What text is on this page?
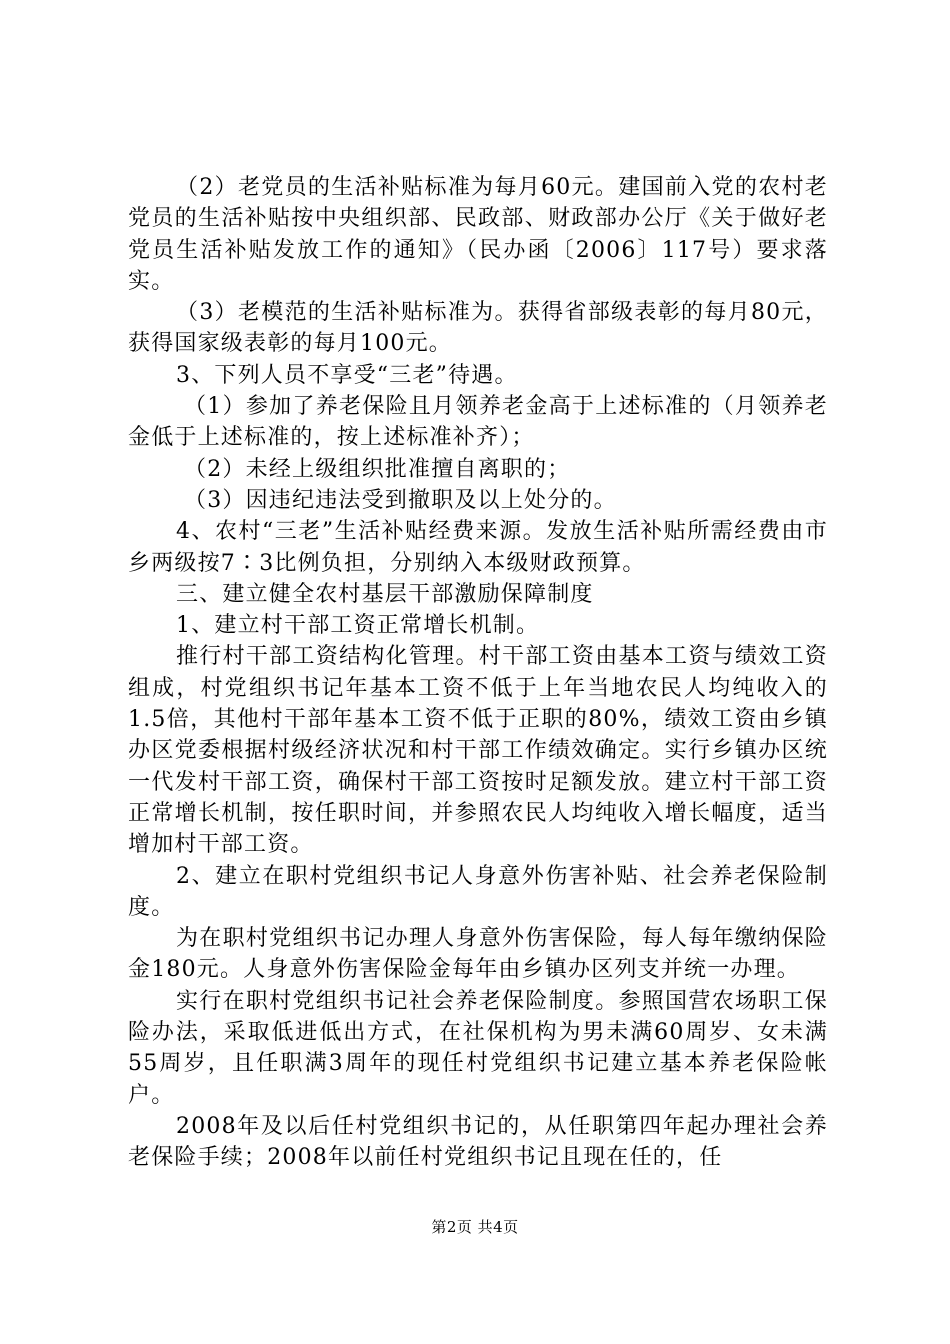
（2）老党员的生活补贴标准为每月60元。建国前入党的农村老党员的生活补贴按中央组织部、民政部、财政部办公厅《关于做好老党员生活补贴发放工作的通知》（民办函〔2006〕117号）要求落实。

（3）老模范的生活补贴标准为。获得省部级表彰的每月80元，获得国家级表彰的每月100元。

3、下列人员不享受“三老”待遇。

（1）参加了养老保险且月领养老金高于上述标准的（月领养老金低于上述标准的，按上述标准补齐）；

（2）未经上级组织批准擅自离职的；

（3）因违纪违法受到撤职及以上处分的。

4、农村“三老”生活补贴经费来源。发放生活补贴所需经费由市乡两级按7∶3比例负担，分别纳入本级财政预算。

三、建立健全农村基层干部激励保障制度

1、建立村干部工资正常增长机制。

推行村干部工资结构化管理。村干部工资由基本工资与绩效工资组成，村党组织书记年基本工资不低于上年当地农民人均纯收入的1.5倍，其他村干部年基本工资不低于正职的80%，绩效工资由乡镇办区党委根据村级经济状况和村干部工作绩效确定。实行乡镇办区统一代发村干部工资，确保村干部工资按时足额发放。建立村干部工资正常增长机制，按任职时间，并参照农民人均纯收入增长幅度，适当增加村干部工资。

2、建立在职村党组织书记人身意外伤害补贴、社会养老保险制度。

为在职村党组织书记办理人身意外伤害保险，每人每年缴纳保险金180元。人身意外伤害保险金每年由乡镇办区列支并统一办理。

实行在职村党组织书记社会养老保险制度。参照国营农场职工保险办法，采取低进低出方式，在社保机构为男未满60周岁、女未满55周岁，且任职满3周年的现任村党组织书记建立基本养老保险帐户。

2008年及以后任村党组织书记的，从任职第四年起办理社会养老保险手续；2008年以前任村党组织书记且现在任的，任

第2页 共4页
